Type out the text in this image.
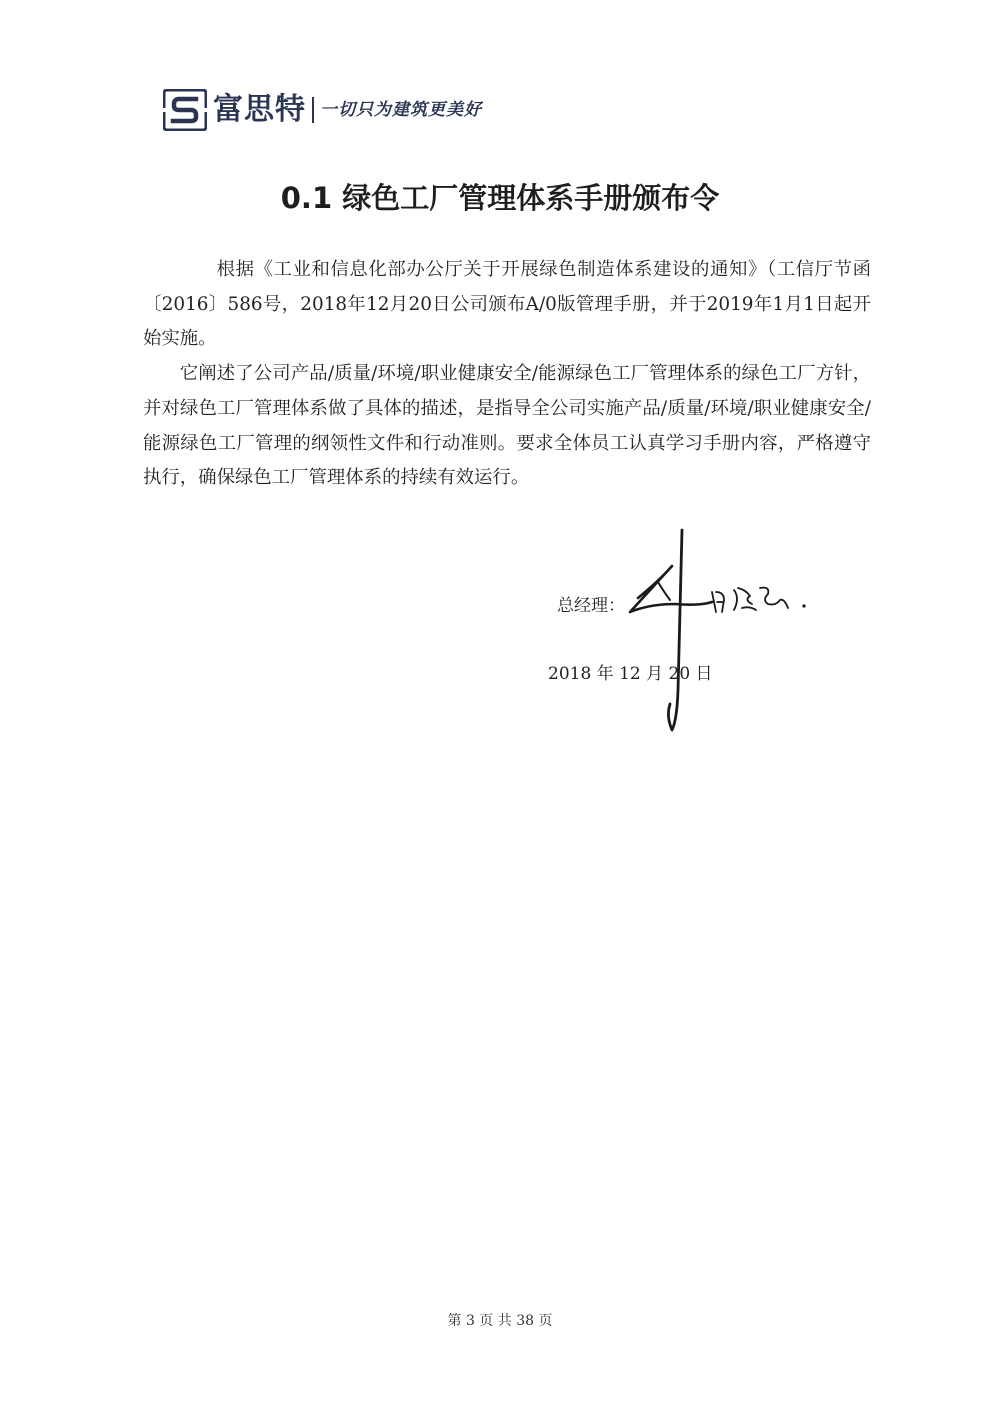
富思特 一切只为建筑更美好
0.1 绿色工厂管理体系手册颁布令

根据《工业和信息化部办公厅关于开展绿色制造体系建设的通知》（工信厅节函〔2016〕586号，2018年12月20日公司颁布A/0版管理手册，并于2019年1月1日起开始实施。

它阐述了公司产品/质量/环境/职业健康安全/能源绿色工厂管理体系的绿色工厂方针，并对绿色工厂管理体系做了具体的描述，是指导全公司实施产品/质量/环境/职业健康安全/能源绿色工厂管理的纲领性文件和行动准则。要求全体员工认真学习手册内容，严格遵守执行，确保绿色工厂管理体系的持续有效运行。

总经理：
2018 年 12 月 20 日
第 3 页 共 38 页
